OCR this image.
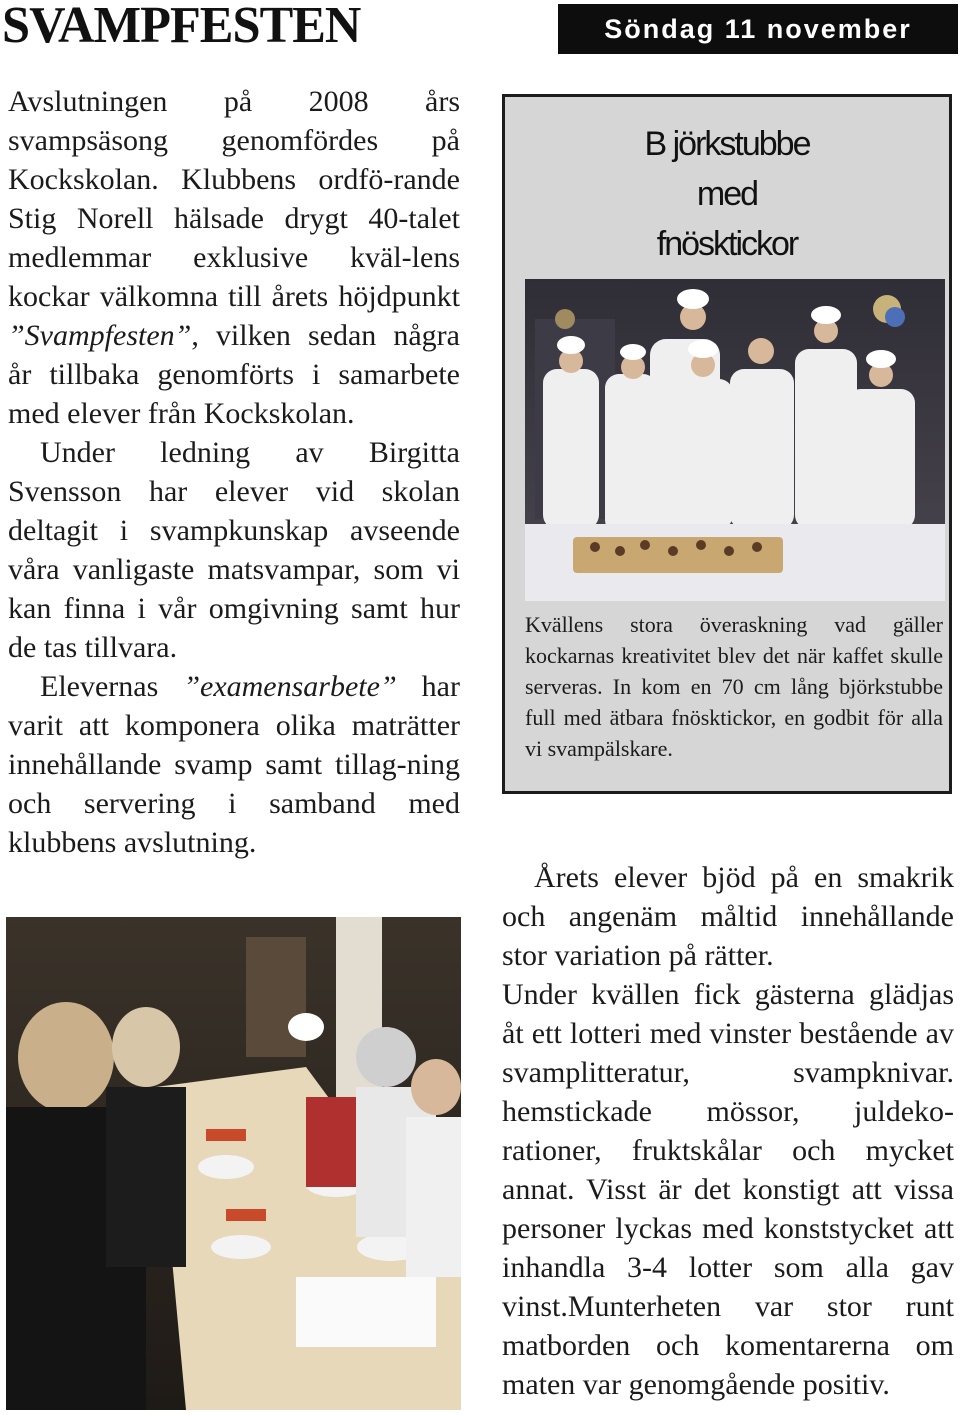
SVAMPFESTEN	Söndag 11 november

Avslutningen på 2008 års svampsäsong genomfördes på Kockskolan. Klubbens ordfö-rande Stig Norell hälsade drygt 40-talet medlemmar exklusive kväl-lens kockar välkomna till årets höjdpunkt ”Svampfesten”, vilken sedan några år tillbaka genomförts i samarbete med elever från Kockskolan.

Under ledning av Birgitta Svensson har elever vid skolan deltagit i svampkunskap avseende våra vanligaste matsvampar, som vi kan finna i vår omgivning samt hur de tas tillvara.

Elevernas ”examensarbete” har varit att komponera olika maträtter innehållande svamp samt tillag-ning och servering i samband med klubbens avslutning.

B jörkstubbe
med
fnösktickor
Kvällens stora överaskning vad gäller kockarnas kreativitet blev det när kaffet skulle serveras. In kom en 70 cm lång björkstubbe full med ätbara fnösktickor, en godbit för alla vi svampälskare.

Årets elever bjöd på en smakrik och angenäm måltid innehållande stor variation på rätter.

Under kvällen fick gästerna glädjas åt ett lotteri med vinster bestående av svamplitteratur, svampknivar. hemstickade mössor, juldeko-rationer, fruktskålar och mycket annat. Visst är det konstigt att vissa personer lyckas med konststycket att inhandla 3-4 lotter som alla gav vinst.Munterheten var stor runt matborden och komentarerna om maten var genomgående positiv.
